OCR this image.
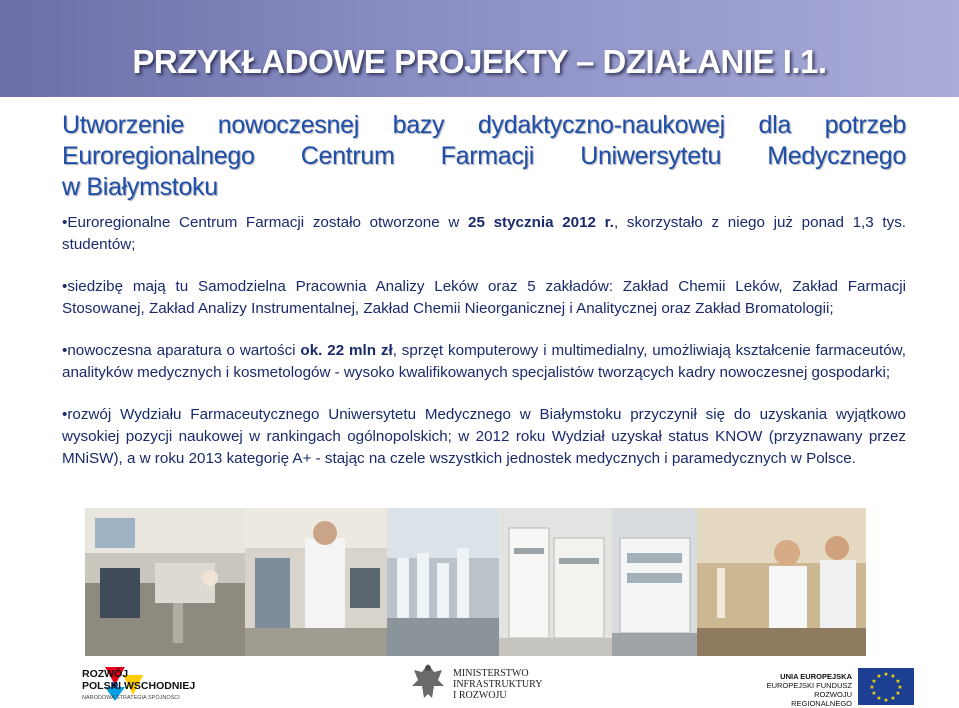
PRZYKŁADOWE PROJEKTY – DZIAŁANIE I.1.
Utworzenie nowoczesnej bazy dydaktyczno-naukowej dla potrzeb
Euroregionalnego Centrum Farmacji Uniwersytetu Medycznego
w Białymstoku

•Euroregionalne Centrum Farmacji zostało otworzone w 25 stycznia 2012 r., skorzystało z niego już ponad 1,3 tys. studentów;

•siedzibę mają tu Samodzielna Pracownia Analizy Leków oraz 5 zakładów: Zakład Chemii Leków, Zakład Farmacji Stosowanej, Zakład Analizy Instrumentalnej, Zakład Chemii Nieorganicznej i Analitycznej oraz Zakład Bromatologii;

•nowoczesna aparatura o wartości ok. 22 mln zł, sprzęt komputerowy i multimedialny, umożliwiają kształcenie farmaceutów, analityków medycznych i kosmetologów - wysoko kwalifikowanych specjalistów tworzących kadry nowoczesnej gospodarki;

•rozwój Wydziału Farmaceutycznego Uniwersytetu Medycznego w Białymstoku przyczynił się do uzyskania wyjątkowo wysokiej pozycji naukowej w rankingach ogólnopolskich; w 2012 roku Wydział uzyskał status KNOW (przyznawany przez MNiSW), a w roku 2013 kategorię A+ - stając na czele wszystkich jednostek medycznych i paramedycznych w Polsce.

ROZWÓJ
POLSKI WSCHODNIEJ
NARODOWA STRATEGIA SPÓJNOŚCI
MINISTERSTWO
INFRASTRUKTURY
I ROZWOJU
UNIA EUROPEJSKA
EUROPEJSKI FUNDUSZ
ROZWOJU REGIONALNEGO
★ ★
★
★
★
★
★
★
★
★
★
★
